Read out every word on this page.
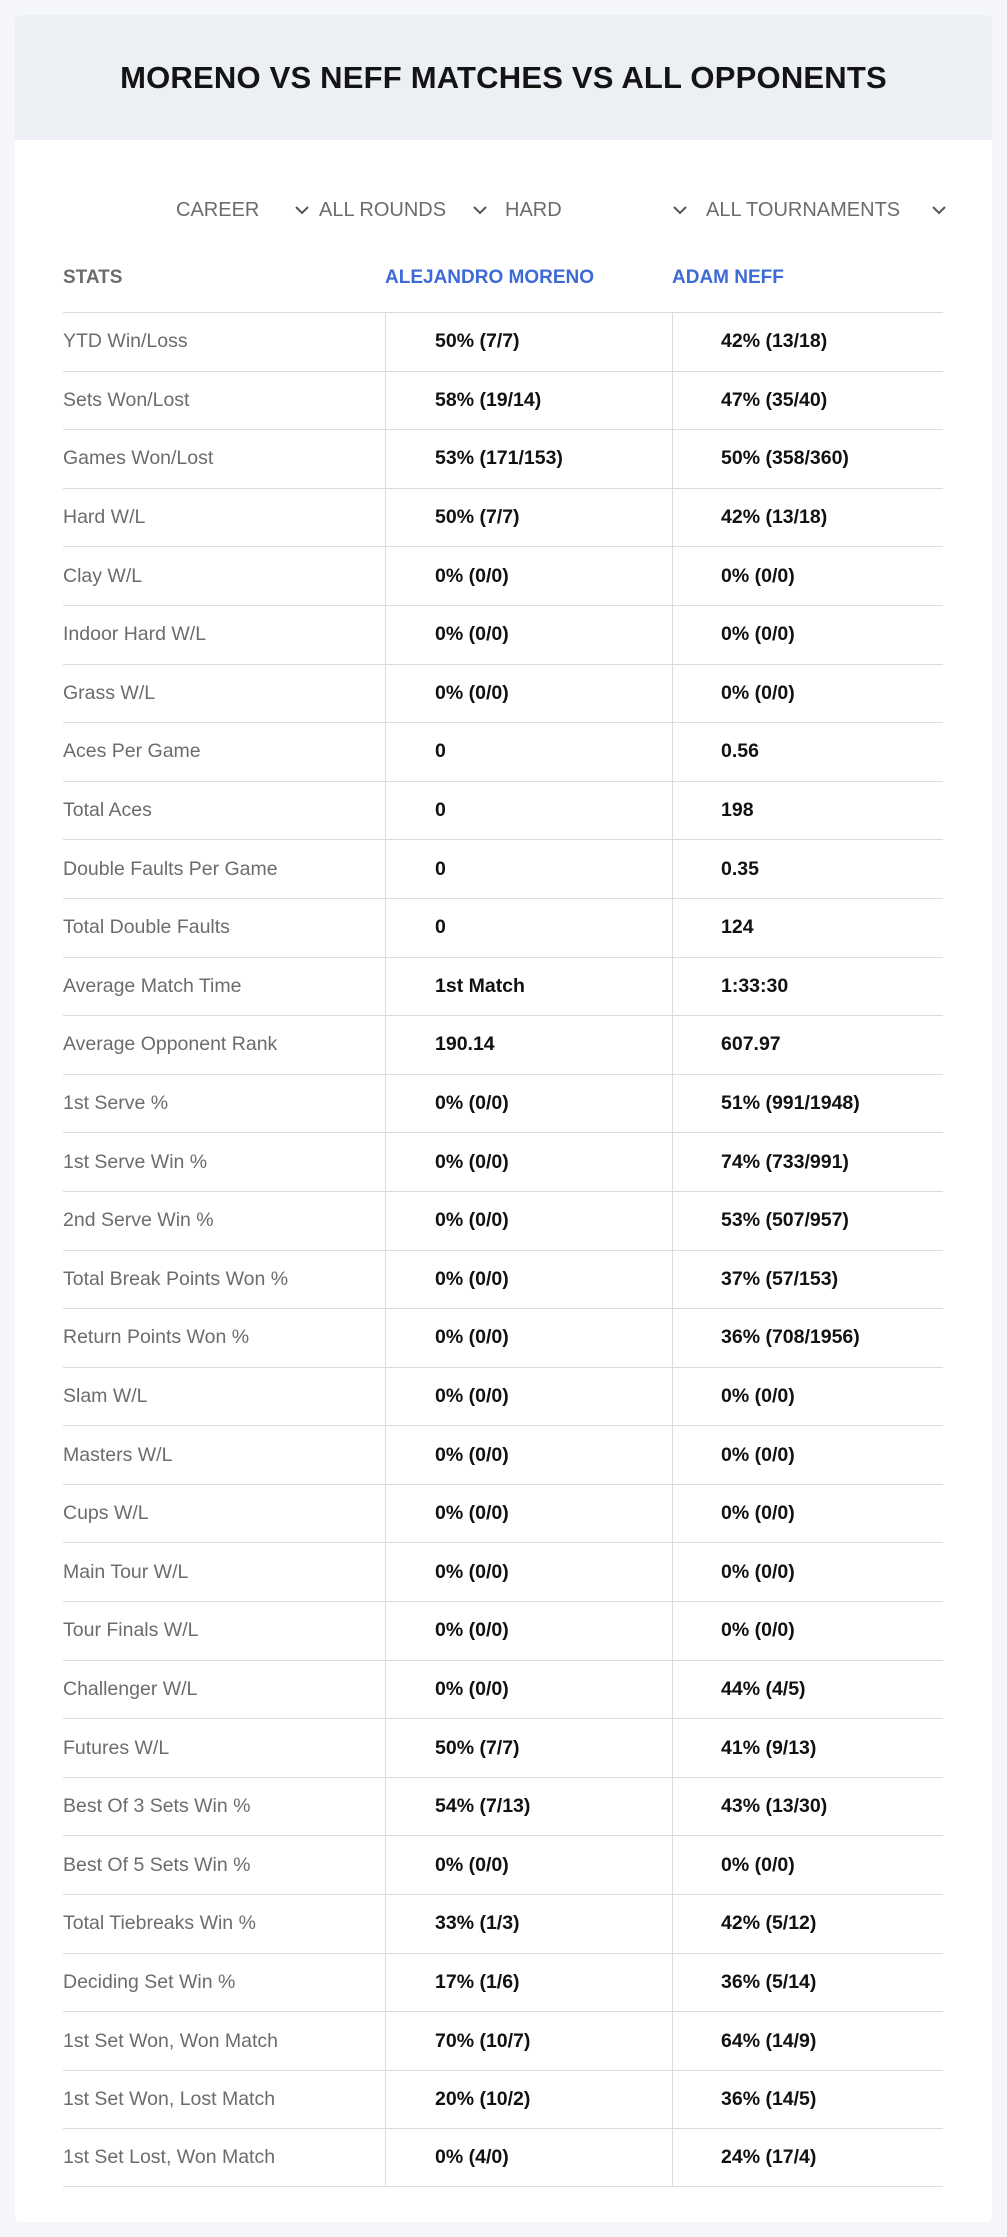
MORENO VS NEFF MATCHES VS ALL OPPONENTS
CAREER	ALL ROUNDS	HARD	ALL TOURNAMENTS
STATS	ALEJANDRO MORENO	ADAM NEFF
YTD Win/Loss	50% (7/7)	42% (13/18)
Sets Won/Lost	58% (19/14)	47% (35/40)
Games Won/Lost	53% (171/153)	50% (358/360)
Hard W/L	50% (7/7)	42% (13/18)
Clay W/L	0% (0/0)	0% (0/0)
Indoor Hard W/L	0% (0/0)	0% (0/0)
Grass W/L	0% (0/0)	0% (0/0)
Aces Per Game	0	0.56
Total Aces	0	198
Double Faults Per Game	0	0.35
Total Double Faults	0	124
Average Match Time	1st Match	1:33:30
Average Opponent Rank	190.14	607.97
1st Serve %	0% (0/0)	51% (991/1948)
1st Serve Win %	0% (0/0)	74% (733/991)
2nd Serve Win %	0% (0/0)	53% (507/957)
Total Break Points Won %	0% (0/0)	37% (57/153)
Return Points Won %	0% (0/0)	36% (708/1956)
Slam W/L	0% (0/0)	0% (0/0)
Masters W/L	0% (0/0)	0% (0/0)
Cups W/L	0% (0/0)	0% (0/0)
Main Tour W/L	0% (0/0)	0% (0/0)
Tour Finals W/L	0% (0/0)	0% (0/0)
Challenger W/L	0% (0/0)	44% (4/5)
Futures W/L	50% (7/7)	41% (9/13)
Best Of 3 Sets Win %	54% (7/13)	43% (13/30)
Best Of 5 Sets Win %	0% (0/0)	0% (0/0)
Total Tiebreaks Win %	33% (1/3)	42% (5/12)
Deciding Set Win %	17% (1/6)	36% (5/14)
1st Set Won, Won Match	70% (10/7)	64% (14/9)
1st Set Won, Lost Match	20% (10/2)	36% (14/5)
1st Set Lost, Won Match	0% (4/0)	24% (17/4)
